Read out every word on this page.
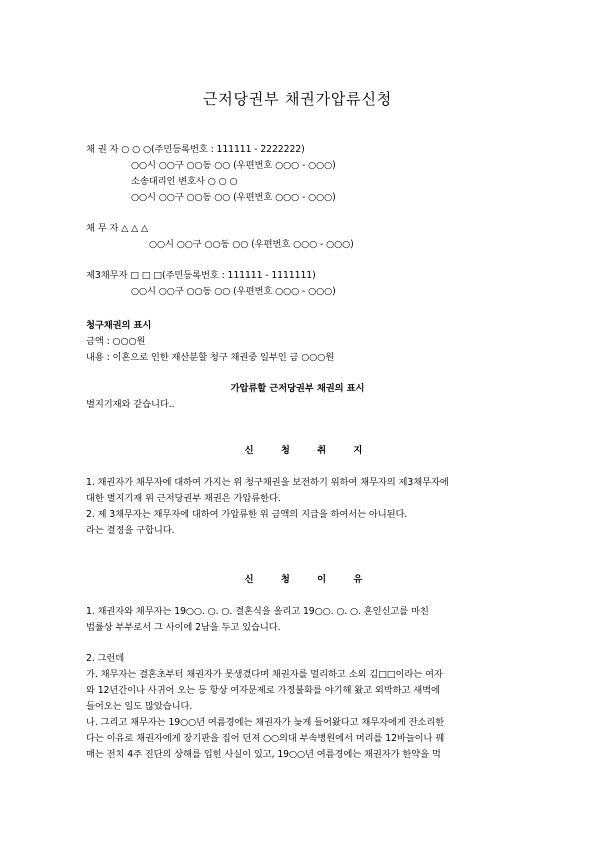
근저당권부 채권가압류신청
채 권 자 ○ ○ ○(주민등록번호 : 111111 - 2222222)
○○시 ○○구 ○○동 ○○ (우편번호 ○○○ - ○○○)
소송대리인 변호사 ○ ○ ○
○○시 ○○구 ○○동 ○○ (우편번호 ○○○ - ○○○)
채 무 자 △ △ △
○○시 ○○구 ○○동 ○○ (우편번호 ○○○ - ○○○)
제3채무자 □ □ □(주민등록번호 : 111111 - 1111111)
○○시 ○○구 ○○동 ○○ (우편번호 ○○○ - ○○○)
청구채권의 표시
금액 : ○○○원
내용 : 이혼으로 인한 재산분할 청구 채권중 일부인 금 ○○○원
가압류할 근저당권부 채권의 표시
별지기재와 같습니다..
신 청 취 지
1. 채권자가 채무자에 대하여 가지는 위 청구채권을 보전하기 위하여 채무자의 제3채무자에
대한 별지기재 위 근저당권부 채권은 가압류한다.
2. 제 3채무자는 채무자에 대하여 가압류한 위 금액의 지급을 하여서는 아니된다.
라는 결정을 구합니다.
신 청 이 유
1. 채권자와 채무자는 19○○. ○. ○. 결혼식을 올리고 19○○. ○. ○. 혼인신고를 마친
법률상 부부로서 그 사이에 2남을 두고 있습니다.
2. 그런데
가. 채무자는 결혼초부터 채권자가 못생겼다며 채권자를 멀리하고 소외 김□□이라는 여자
와 12년간이나 사귀어 오는 등 항상 여자문제로 가정불화를 야기해 왔고 외박하고 새벽에
들어오는 일도 많았습니다.
나. 그리고 채무자는 19○○년 여름경에는 채권자가 늦게 들어왔다고 채무자에게 잔소리한
다는 이유로 채권자에게 장기판을 집어 던져 ○○의대 부속병원에서 머리를 12바늘이나 꿰
매는 전치 4주 진단의 상해를 입힌 사실이 있고, 19○○년 여름경에는 채권자가 한약을 먹
